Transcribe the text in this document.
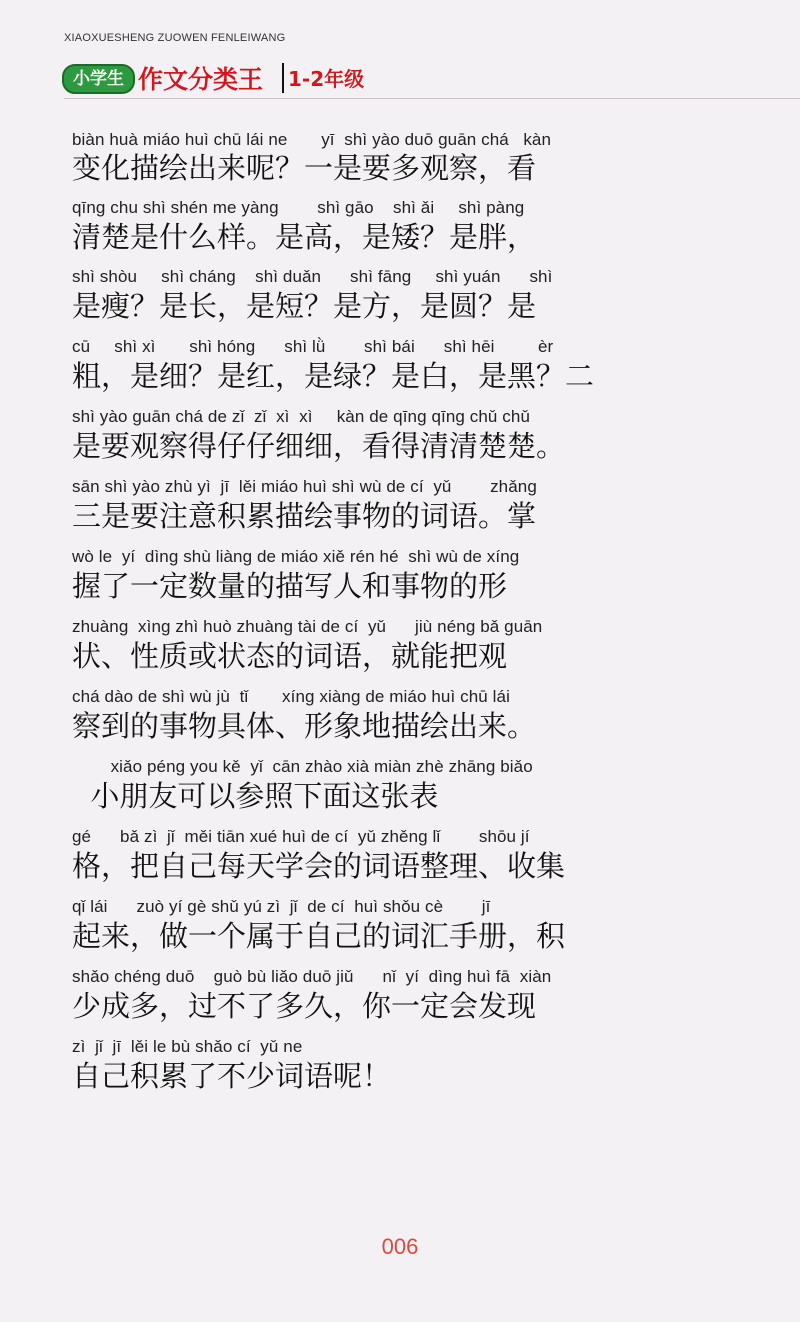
XIAOXUESHENG ZUOWEN FENLEIWANG
小学生 作文分类王 1-2年级
biàn huà miáo huì chū lái ne       yī  shì yào duō guān chá   kàn
变化描绘出来呢？一是要多观察，看
qīng chu shì shén me yàng        shì gāo    shì ǎi     shì pàng
清楚是什么样。是高，是矮？是胖，
shì shòu     shì cháng    shì duǎn      shì fāng     shì yuán      shì
是瘦？是长，是短？是方，是圆？是
cū     shì xì       shì hóng      shì lǜ        shì bái      shì hēi         èr
粗，是细？是红，是绿？是白，是黑？二
shì yào guān chá de zǐ  zǐ  xì  xì     kàn de qīng qīng chǔ chǔ
是要观察得仔仔细细，看得清清楚楚。
sān shì yào zhù yì  jī  lěi miáo huì shì wù de cí  yǔ        zhǎng
三是要注意积累描绘事物的词语。掌
wò le  yí  dìng shù liàng de miáo xiě rén hé  shì wù de xíng
握了一定数量的描写人和事物的形
zhuàng  xìng zhì huò zhuàng tài de cí  yǔ      jiù néng bǎ guān
状、性质或状态的词语，就能把观
chá dào de shì wù jù  tǐ       xíng xiàng de miáo huì chū lái
察到的事物具体、形象地描绘出来。
xiǎo péng you kě  yǐ  cān zhào xià miàn zhè zhāng biǎo
小朋友可以参照下面这张表
gé      bǎ zì  jǐ  měi tiān xué huì de cí  yǔ zhěng lǐ        shōu jí
格，把自己每天学会的词语整理、收集
qǐ lái      zuò yí gè shǔ yú zì  jǐ  de cí  huì shǒu cè        jī
起来，做一个属于自己的词汇手册，积
shǎo chéng duō    guò bù liǎo duō jiǔ      nǐ  yí  dìng huì fā  xiàn
少成多，过不了多久，你一定会发现
zì  jǐ  jī  lěi le bù shǎo cí  yǔ ne
自己积累了不少词语呢！
006
